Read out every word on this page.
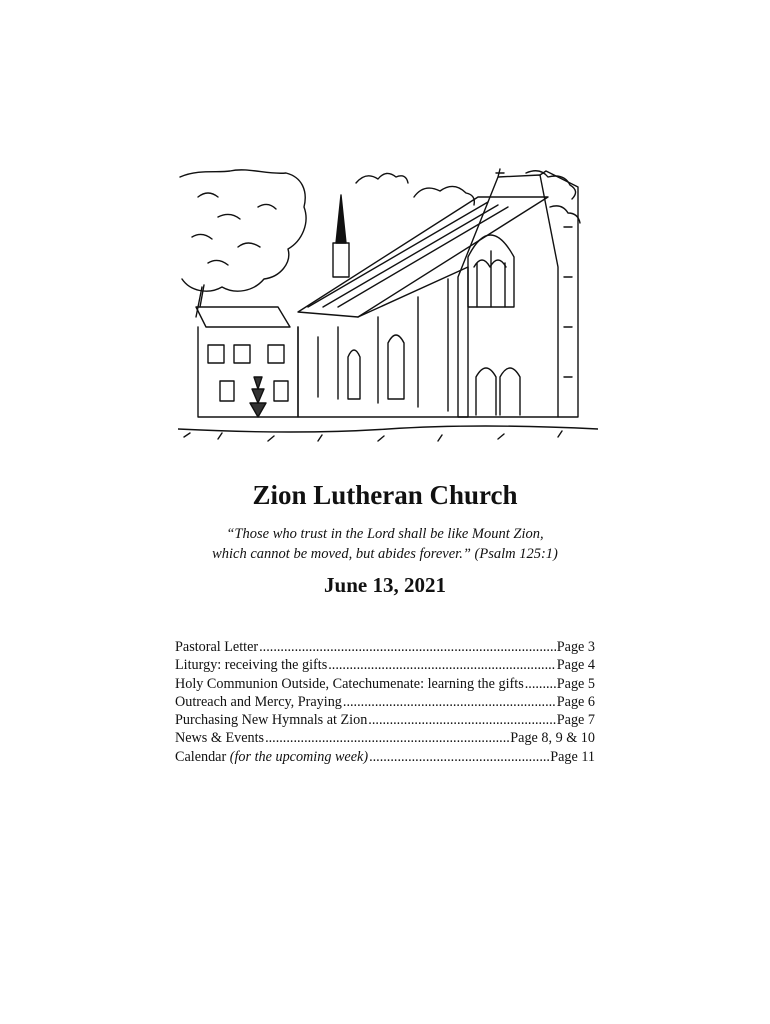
Zion Lutheran Church
“Those who trust in the Lord shall be like Mount Zion,
which cannot be moved, but abides forever.” (Psalm 125:1)
June 13, 2021
Pastoral Letter .....	Page 3
Liturgy: receiving the gifts .....	Page 4
Holy Communion Outside, Catechumenate: learning the gifts ..... Page 5
Outreach and Mercy, Praying .....	Page 6
Purchasing New Hymnals at Zion .....	Page 7
News & Events .....	Page 8, 9 & 10
Calendar (for the upcoming week) .....	Page 11
